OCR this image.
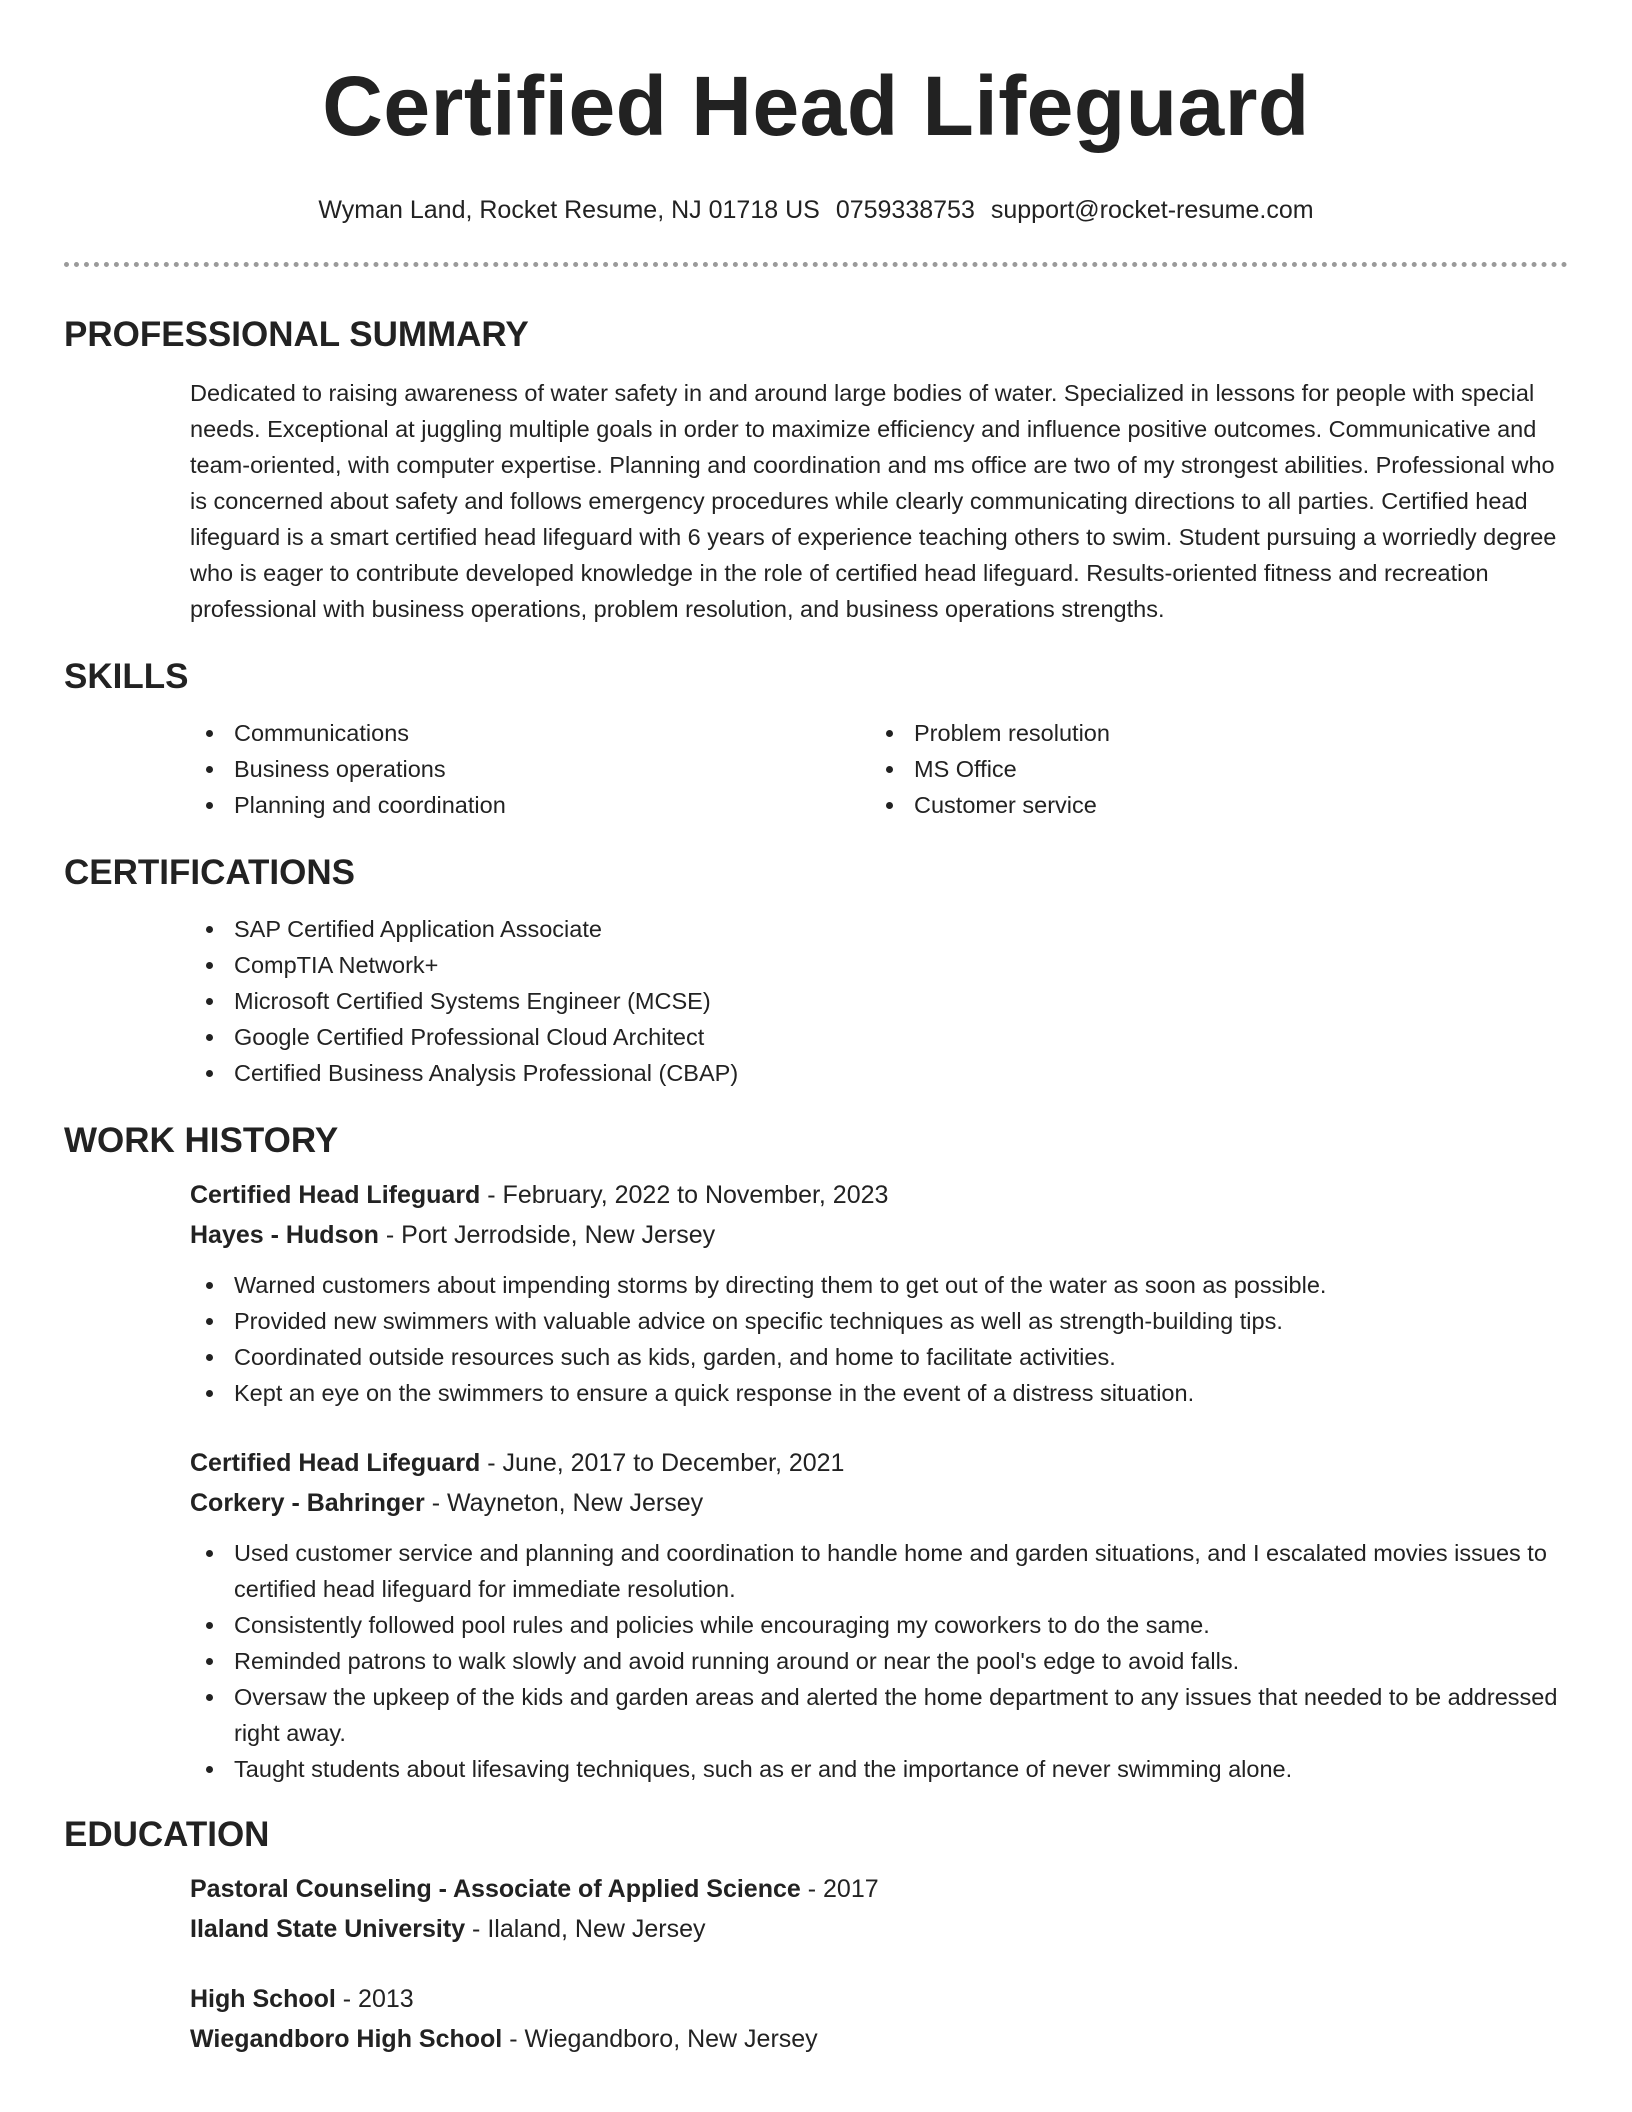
Certified Head Lifeguard
Wyman Land, Rocket Resume, NJ 01718 US 0759338753 support@rocket-resume.com
PROFESSIONAL SUMMARY

Dedicated to raising awareness of water safety in and around large bodies of water. Specialized in lessons for people with special needs. Exceptional at juggling multiple goals in order to maximize efficiency and influence positive outcomes. Communicative and team-oriented, with computer expertise. Planning and coordination and ms office are two of my strongest abilities. Professional who is concerned about safety and follows emergency procedures while clearly communicating directions to all parties. Certified head lifeguard is a smart certified head lifeguard with 6 years of experience teaching others to swim. Student pursuing a worriedly degree who is eager to contribute developed knowledge in the role of certified head lifeguard. Results-oriented fitness and recreation professional with business operations, problem resolution, and business operations strengths.

SKILLS
Communications
Business operations
Planning and coordination
Problem resolution
MS Office
Customer service
CERTIFICATIONS
SAP Certified Application Associate
CompTIA Network+
Microsoft Certified Systems Engineer (MCSE)
Google Certified Professional Cloud Architect
Certified Business Analysis Professional (CBAP)
WORK HISTORY
Certified Head Lifeguard - February, 2022 to November, 2023
Hayes - Hudson - Port Jerrodside, New Jersey
Warned customers about impending storms by directing them to get out of the water as soon as possible.
Provided new swimmers with valuable advice on specific techniques as well as strength-building tips.
Coordinated outside resources such as kids, garden, and home to facilitate activities.
Kept an eye on the swimmers to ensure a quick response in the event of a distress situation.
Certified Head Lifeguard - June, 2017 to December, 2021
Corkery - Bahringer - Wayneton, New Jersey
Used customer service and planning and coordination to handle home and garden situations, and I escalated movies issues to certified head lifeguard for immediate resolution.
Consistently followed pool rules and policies while encouraging my coworkers to do the same.
Reminded patrons to walk slowly and avoid running around or near the pool's edge to avoid falls.
Oversaw the upkeep of the kids and garden areas and alerted the home department to any issues that needed to be addressed right away.
Taught students about lifesaving techniques, such as er and the importance of never swimming alone.
EDUCATION
Pastoral Counseling - Associate of Applied Science - 2017
Ilaland State University - Ilaland, New Jersey
High School - 2013
Wiegandboro High School - Wiegandboro, New Jersey
